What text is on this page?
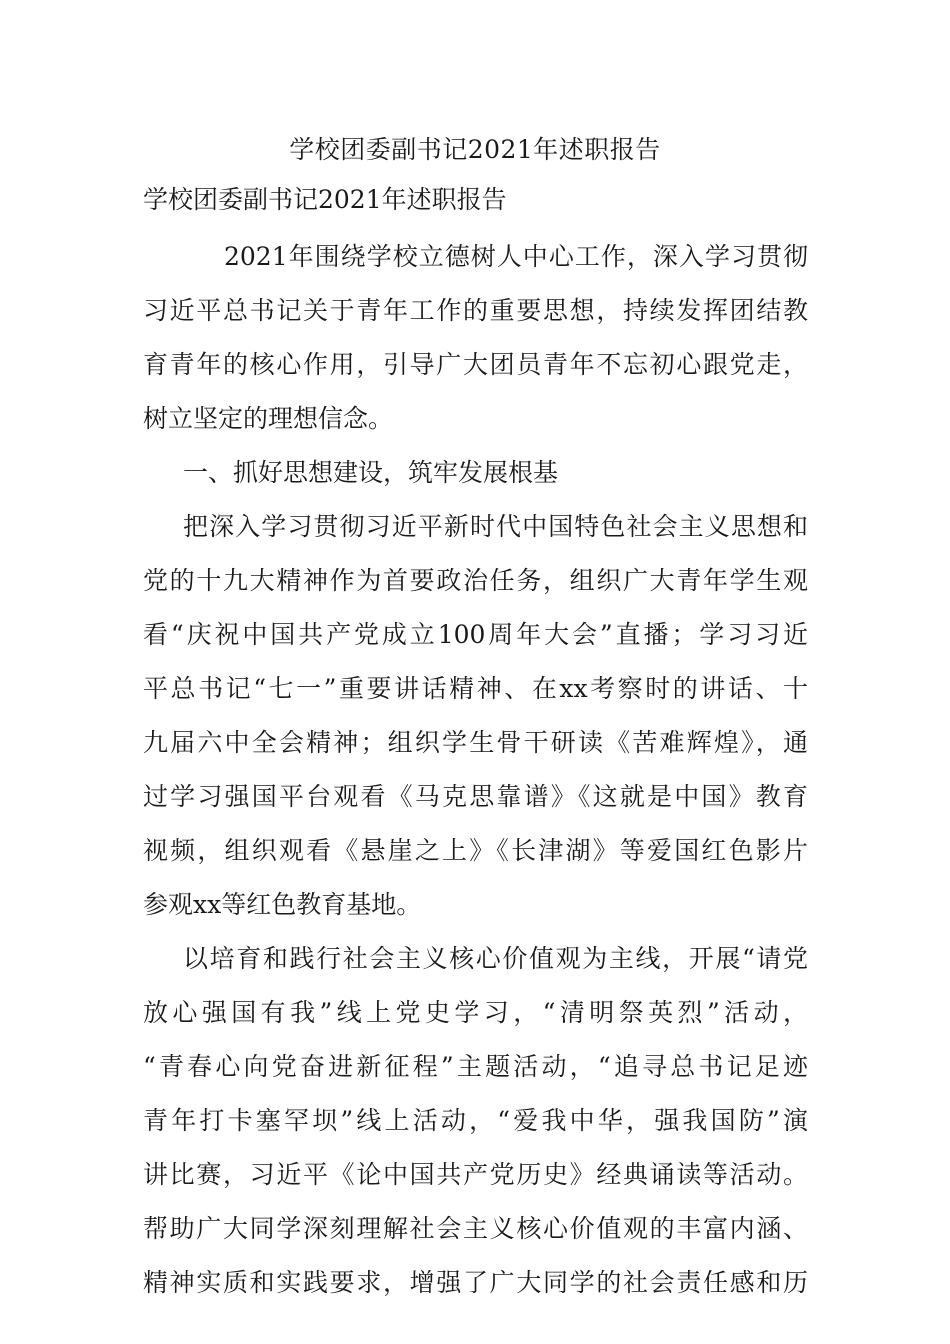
学校团委副书记2021年述职报告
学校团委副书记2021年述职报告
2021年围绕学校立德树人中心工作，深入学习贯彻
习近平总书记关于青年工作的重要思想，持续发挥团结教
育青年的核心作用，引导广大团员青年不忘初心跟党走，
树立坚定的理想信念。
一、抓好思想建设，筑牢发展根基
把深入学习贯彻习近平新时代中国特色社会主义思想和
党的十九大精神作为首要政治任务，组织广大青年学生观
看“庆祝中国共产党成立100周年大会”直播；学习习近
平总书记“七一”重要讲话精神、在xx考察时的讲话、十
九届六中全会精神；组织学生骨干研读《苦难辉煌》，通
过学习强国平台观看《马克思靠谱》《这就是中国》教育
视频，组织观看《悬崖之上》《长津湖》等爱国红色影片
参观xx等红色教育基地。
以培育和践行社会主义核心价值观为主线，开展“请党
放心强国有我”线上党史学习，“清明祭英烈”活动，
“青春心向党奋进新征程”主题活动，“追寻总书记足迹
青年打卡塞罕坝”线上活动，“爱我中华，强我国防”演
讲比赛，习近平《论中国共产党历史》经典诵读等活动。
帮助广大同学深刻理解社会主义核心价值观的丰富内涵、
精神实质和实践要求，增强了广大同学的社会责任感和历
